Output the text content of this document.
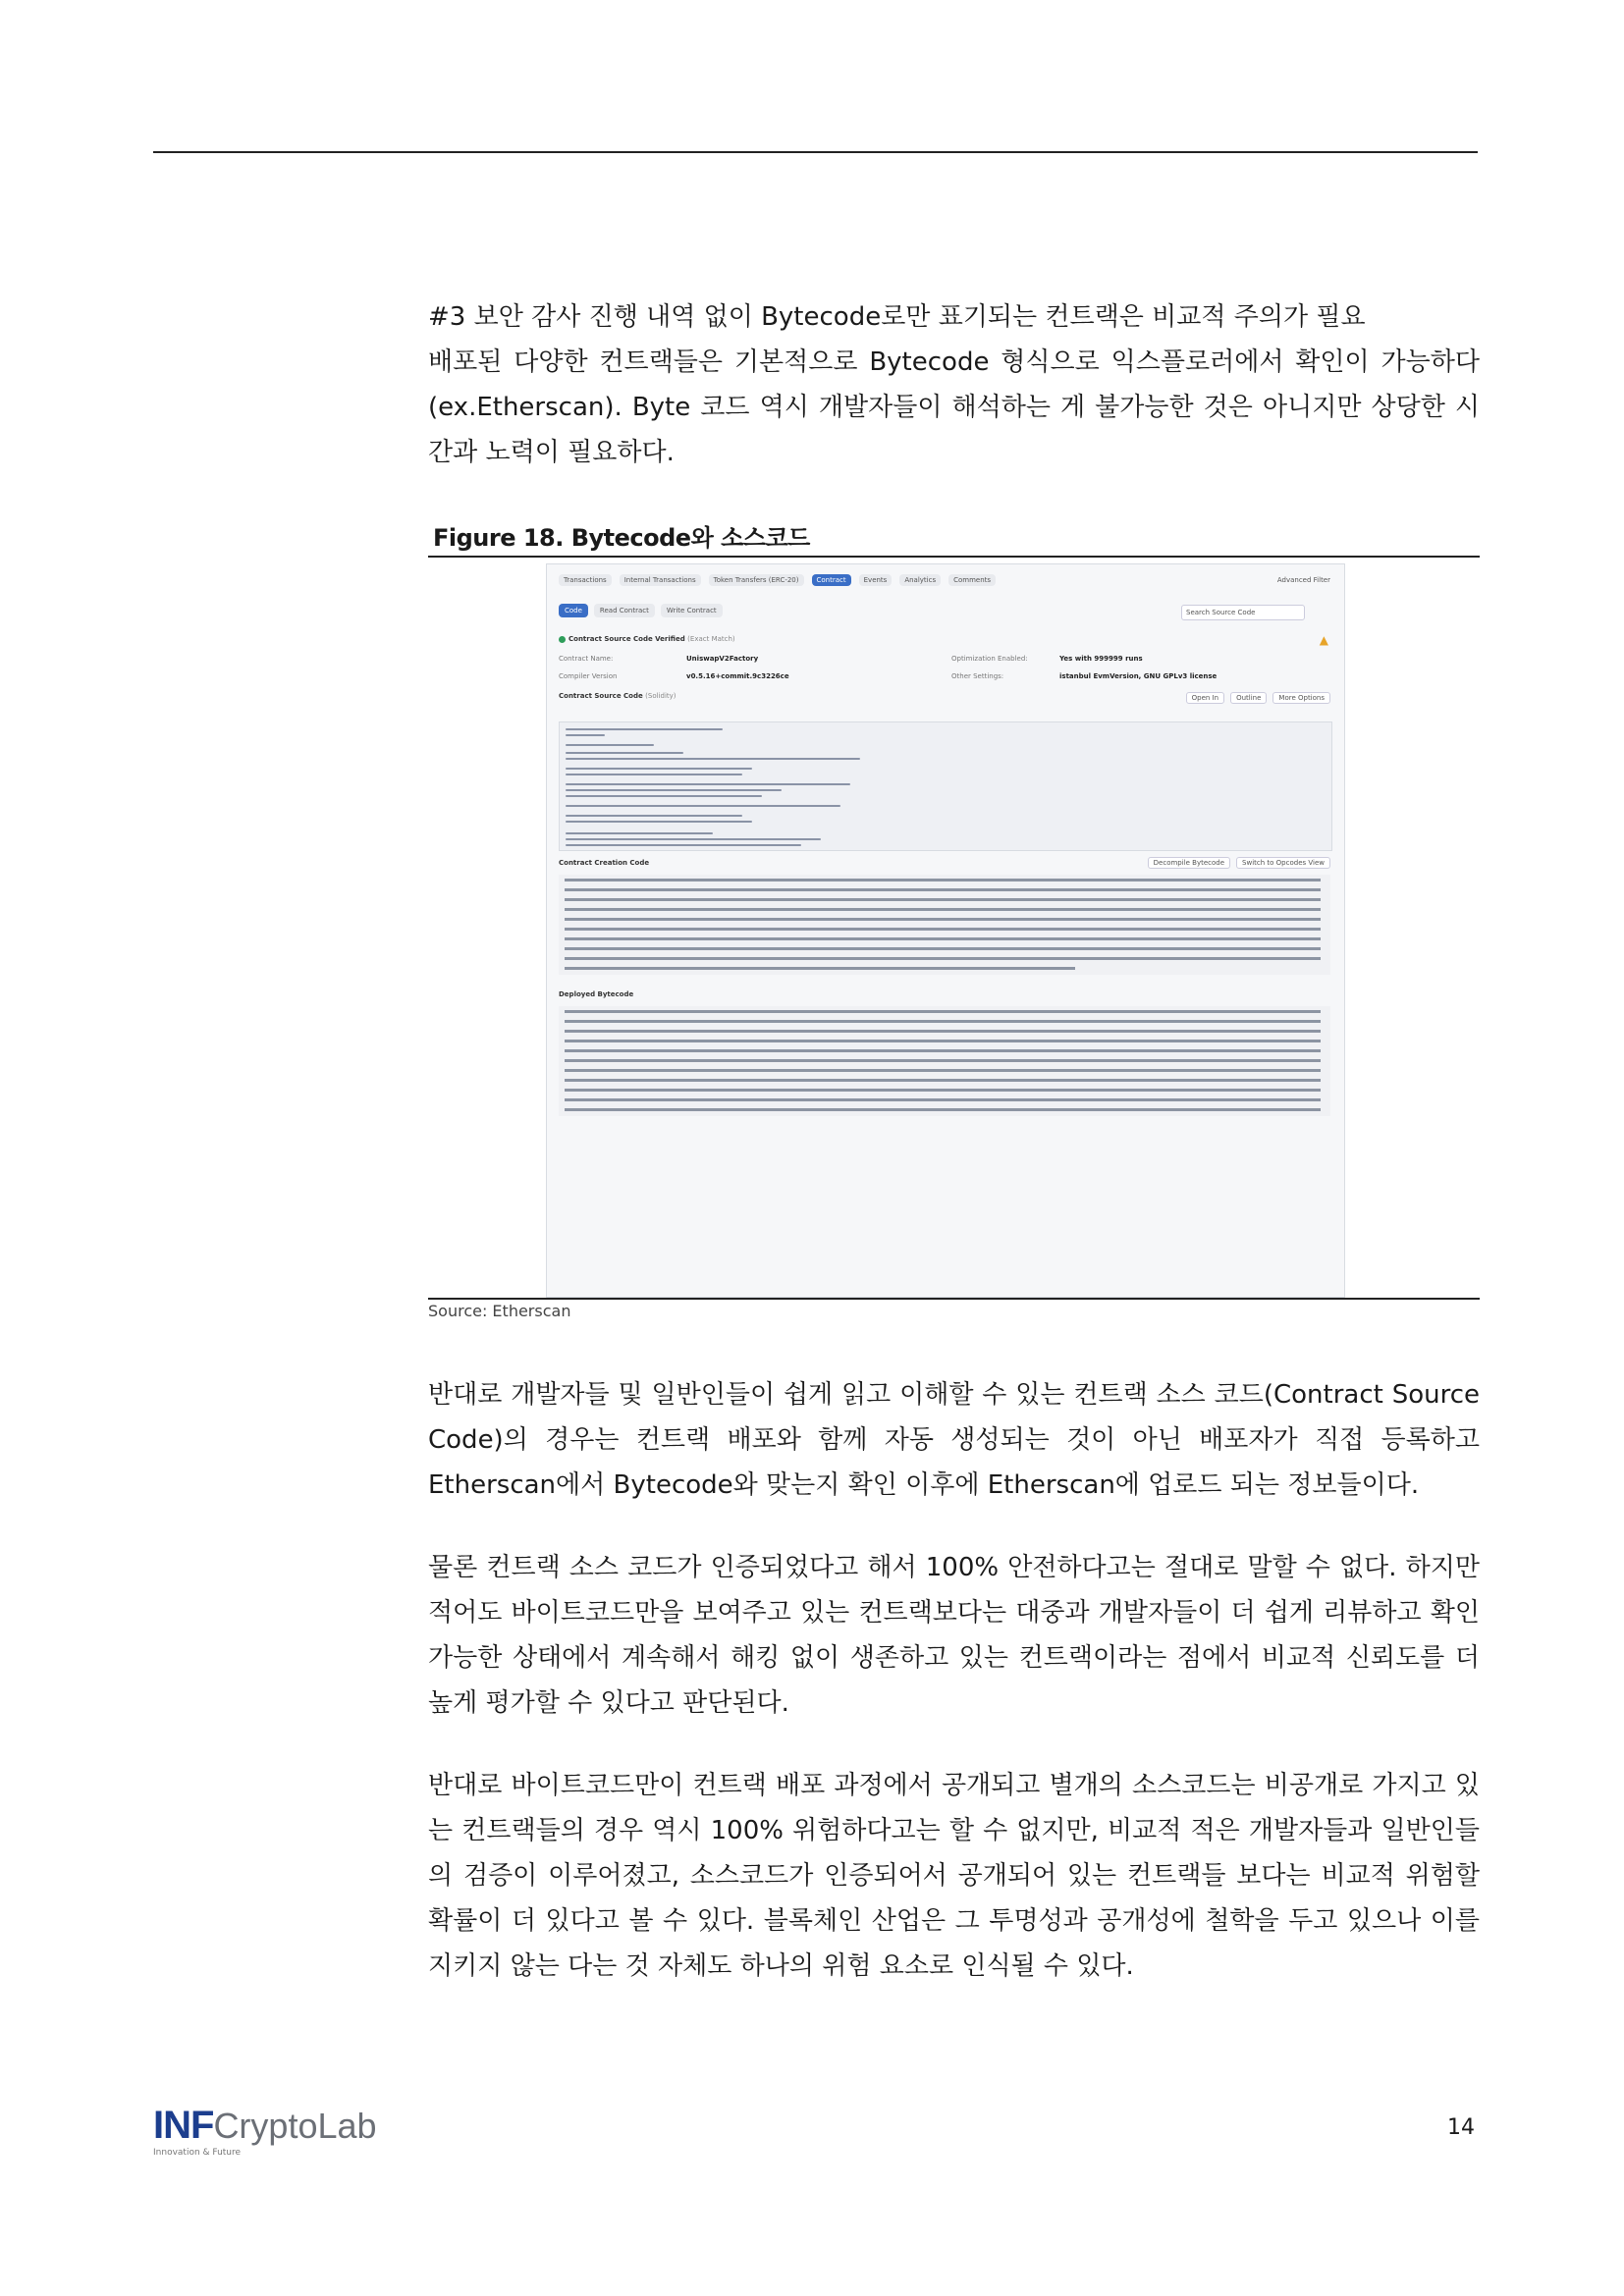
#3 보안 감사 진행 내역 없이 Bytecode로만 표기되는 컨트랙은 비교적 주의가 필요

배포된 다양한 컨트랙들은 기본적으로 Bytecode 형식으로 익스플로러에서 확인이 가능하다(ex.Etherscan). Byte 코드 역시 개발자들이 해석하는 게 불가능한 것은 아니지만 상당한 시간과 노력이 필요하다.

Figure 18. Bytecode와 소스코드
Transactions	Internal Transactions	Token Transfers (ERC-20)	Contract	Events	Analytics	Comments	Advanced Filter
Code	Read Contract	Write Contract	Search Source Code
Contract Source Code Verified (Exact Match)	▲
Contract Name:	UniswapV2Factory
Compiler Version	v0.5.16+commit.9c3226ce
Optimization Enabled:	Yes with 999999 runs
Other Settings:	istanbul EvmVersion, GNU GPLv3 license
Contract Source Code (Solidity)	Open In	Outline	More Options
Contract Creation Code	Decompile Bytecode	Switch to Opcodes View
Deployed Bytecode
Source: Etherscan

반대로 개발자들 및 일반인들이 쉽게 읽고 이해할 수 있는 컨트랙 소스 코드(Contract Source Code)의 경우는 컨트랙 배포와 함께 자동 생성되는 것이 아닌 배포자가 직접 등록하고 Etherscan에서 Bytecode와 맞는지 확인 이후에 Etherscan에 업로드 되는 정보들이다.

물론 컨트랙 소스 코드가 인증되었다고 해서 100% 안전하다고는 절대로 말할 수 없다. 하지만 적어도 바이트코드만을 보여주고 있는 컨트랙보다는 대중과 개발자들이 더 쉽게 리뷰하고 확인 가능한 상태에서 계속해서 해킹 없이 생존하고 있는 컨트랙이라는 점에서 비교적 신뢰도를 더 높게 평가할 수 있다고 판단된다.

반대로 바이트코드만이 컨트랙 배포 과정에서 공개되고 별개의 소스코드는 비공개로 가지고 있는 컨트랙들의 경우 역시 100% 위험하다고는 할 수 없지만, 비교적 적은 개발자들과 일반인들의 검증이 이루어졌고, 소스코드가 인증되어서 공개되어 있는 컨트랙들 보다는 비교적 위험할 확률이 더 있다고 볼 수 있다. 블록체인 산업은 그 투명성과 공개성에 철학을 두고 있으나 이를 지키지 않는 다는 것 자체도 하나의 위험 요소로 인식될 수 있다.

INFCryptoLab
Innovation & Future
14
